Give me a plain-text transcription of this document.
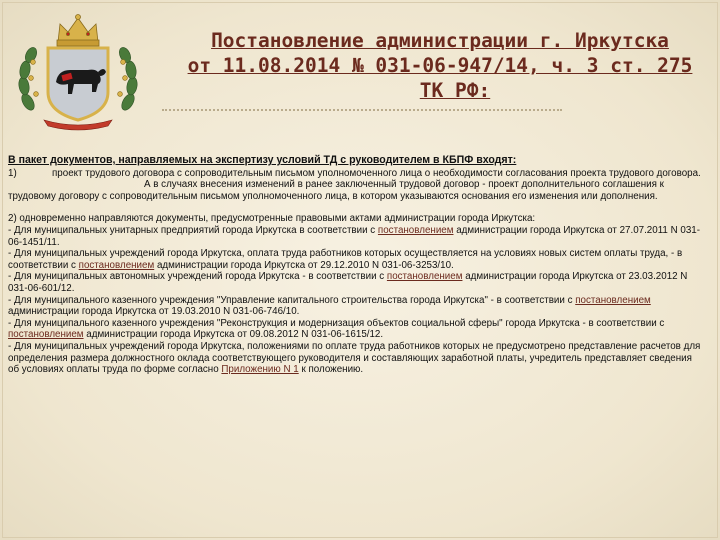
Постановление администрации г. Иркутска
от 11.08.2014 № 031-06-947/14, ч. 3 ст. 275
ТК РФ:

В пакет документов, направляемых на экспертизу условий ТД с руководителем в КБПФ входят:

1)	проект трудового договора с сопроводительным письмом уполномоченного лица о необходимости согласования проекта трудового договора.

А в случаях внесения изменений в ранее заключенный трудовой договор - проект дополнительного соглашения к трудовому договору с сопроводительным письмом уполномоченного лица, в котором указываются основания его изменения или дополнения.

2) одновременно направляются документы, предусмотренные правовыми актами администрации города Иркутска:

- Для муниципальных унитарных предприятий города Иркутска в соответствии с постановлением администрации города Иркутска от 27.07.2011 N 031-06-1451/11.

- Для муниципальных учреждений города Иркутска, оплата труда работников которых осуществляется на условиях новых систем оплаты труда, - в соответствии с постановлением администрации города Иркутска от 29.12.2010 N 031-06-3253/10.

- Для муниципальных автономных учреждений города Иркутска - в соответствии с постановлением администрации города Иркутска от 23.03.2012 N 031-06-601/12.

- Для муниципального казенного учреждения "Управление капитального строительства города Иркутска" - в соответствии с постановлением администрации города Иркутска от 19.03.2010 N 031-06-746/10.

- Для муниципального казенного учреждения "Реконструкция и модернизация объектов социальной сферы" города Иркутска - в соответствии с постановлением администрации города Иркутска от 09.08.2012 N 031-06-1615/12.

- Для муниципальных учреждений города Иркутска, положениями по оплате труда работников которых не предусмотрено представление расчетов для определения размера должностного оклада соответствующего руководителя и составляющих заработной платы, учредитель представляет сведения об условиях оплаты труда по форме согласно Приложению N 1 к положению.
